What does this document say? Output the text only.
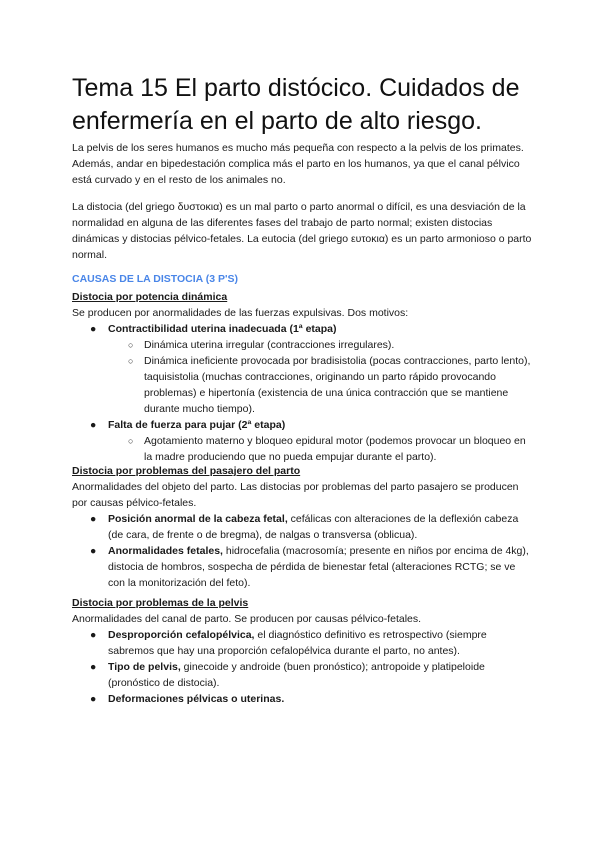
Tema 15 El parto distócico. Cuidados de enfermería en el parto de alto riesgo.

La pelvis de los seres humanos es mucho más pequeña con respecto a la pelvis de los primates. Además, andar en bipedestación complica más el parto en los humanos, ya que el canal pélvico está curvado y en el resto de los animales no.

La distocia (del griego δυστοκια) es un mal parto o parto anormal o difícil, es una desviación de la normalidad en alguna de las diferentes fases del trabajo de parto normal; existen distocias dinámicas y distocias pélvico-fetales. La eutocia (del griego ευτοκια) es un parto armonioso o parto normal.

CAUSAS DE LA DISTOCIA (3 P'S)

Distocia por potencia dinámica

Se producen por anormalidades de las fuerzas expulsivas. Dos motivos:

● Contractibilidad uterina inadecuada (1ª etapa)
○ Dinámica uterina irregular (contracciones irregulares).
○ Dinámica ineficiente provocada por bradisistolia (pocas contracciones, parto lento), taquisistolia (muchas contracciones, originando un parto rápido provocando problemas) e hipertonía (existencia de una única contracción que se mantiene durante mucho tiempo).
● Falta de fuerza para pujar (2ª etapa)
○ Agotamiento materno y bloqueo epidural motor (podemos provocar un bloqueo en la madre produciendo que no pueda empujar durante el parto).

Distocia por problemas del pasajero del parto

Anormalidades del objeto del parto. Las distocias por problemas del parto pasajero se producen por causas pélvico-fetales.

● Posición anormal de la cabeza fetal, cefálicas con alteraciones de la deflexión cabeza (de cara, de frente o de bregma), de nalgas o transversa (oblicua).
● Anormalidades fetales, hidrocefalia (macrosomía; presente en niños por encima de 4kg), distocia de hombros, sospecha de pérdida de bienestar fetal (alteraciones RCTG; se ve con la monitorización del feto).

Distocia por problemas de la pelvis

Anormalidades del canal de parto. Se producen por causas pélvico-fetales.

● Desproporción cefalopélvica, el diagnóstico definitivo es retrospectivo (siempre sabremos que hay una proporción cefalopélvica durante el parto, no antes).
● Tipo de pelvis, ginecoide y androide (buen pronóstico); antropoide y platipeloide (pronóstico de distocia).
● Deformaciones pélvicas o uterinas.
